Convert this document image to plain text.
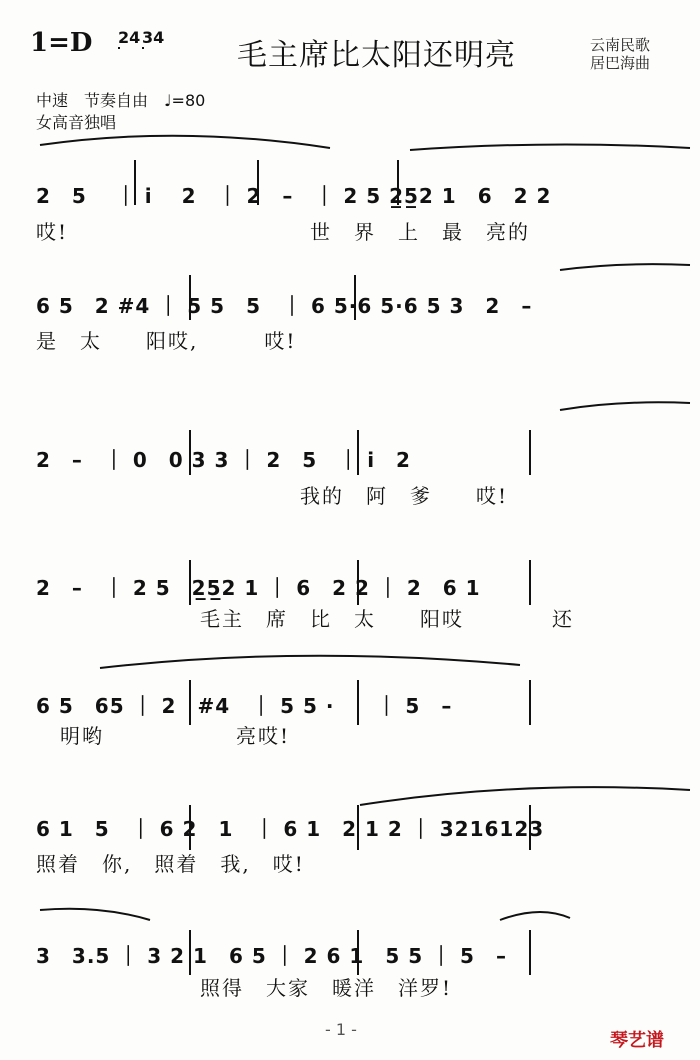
1=D 2
4 3
4
毛主席比太阳还明亮	云南民歌
居巴海曲
中速　节奏自由　♩=80
女高音独唱
2　5　 ｜ i　 2　｜ 2　–　｜ 2 5 2̲5̲2 1　6　2 2
哎!　　　　　　　　　　　世　界　上　最　亮的
6 5　2 #4 ｜ 5 5　5　｜ 6 5·6 5·6 5 3　2　–
是　太　　阳哎,　　　哎!
2　–　｜ 0　0 3 3 ｜ 2　5　｜ i　2
我的　阿　爹　　哎!
2　–　｜ 2 5　2̲5̲2 1 ｜ 6　2 2 ｜ 2　6 1
毛主　席　比　太　　阳哎　　　　还
6 5　65 ｜ 2　#4　｜ 5 5 ·　　｜ 5　–
明哟　　　　　　亮哎!
6 1　5　｜ 6 2　1　｜ 6 1　2 1 2 ｜ 3216123
照着　你,　照着　我,　哎!
3　3.5 ｜ 3 2 1　6 5 ｜ 2 6 1　5 5 ｜ 5　–
照得　大家　暖洋　洋罗!
- 1 -
琴艺谱
